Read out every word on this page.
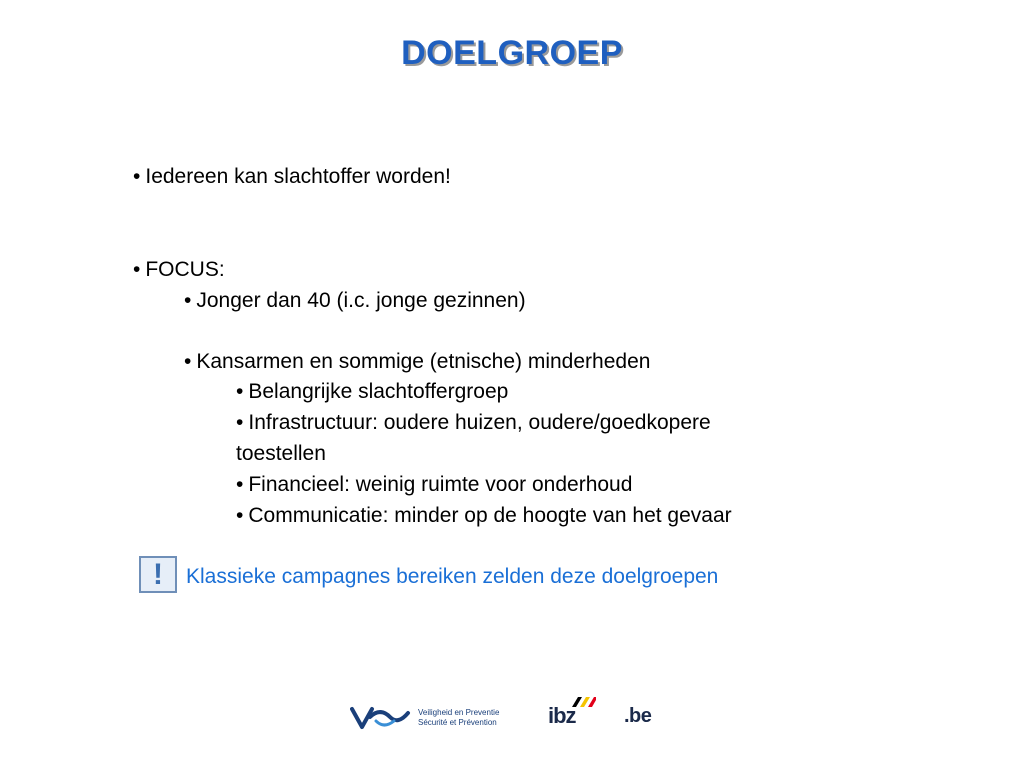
DOELGROEP
• Iedereen kan slachtoffer worden!
• FOCUS:
• Jonger dan 40 (i.c. jonge gezinnen)
• Kansarmen en sommige (etnische) minderheden
• Belangrijke slachtoffergroep
• Infrastructuur: oudere huizen, oudere/goedkopere
toestellen
• Financieel: weinig ruimte voor onderhoud
• Communicatie: minder op de hoogte van het gevaar
! Klassieke campagnes bereiken zelden deze doelgroepen
Veiligheid en Preventie
Sécurité et Prévention ibz .be
